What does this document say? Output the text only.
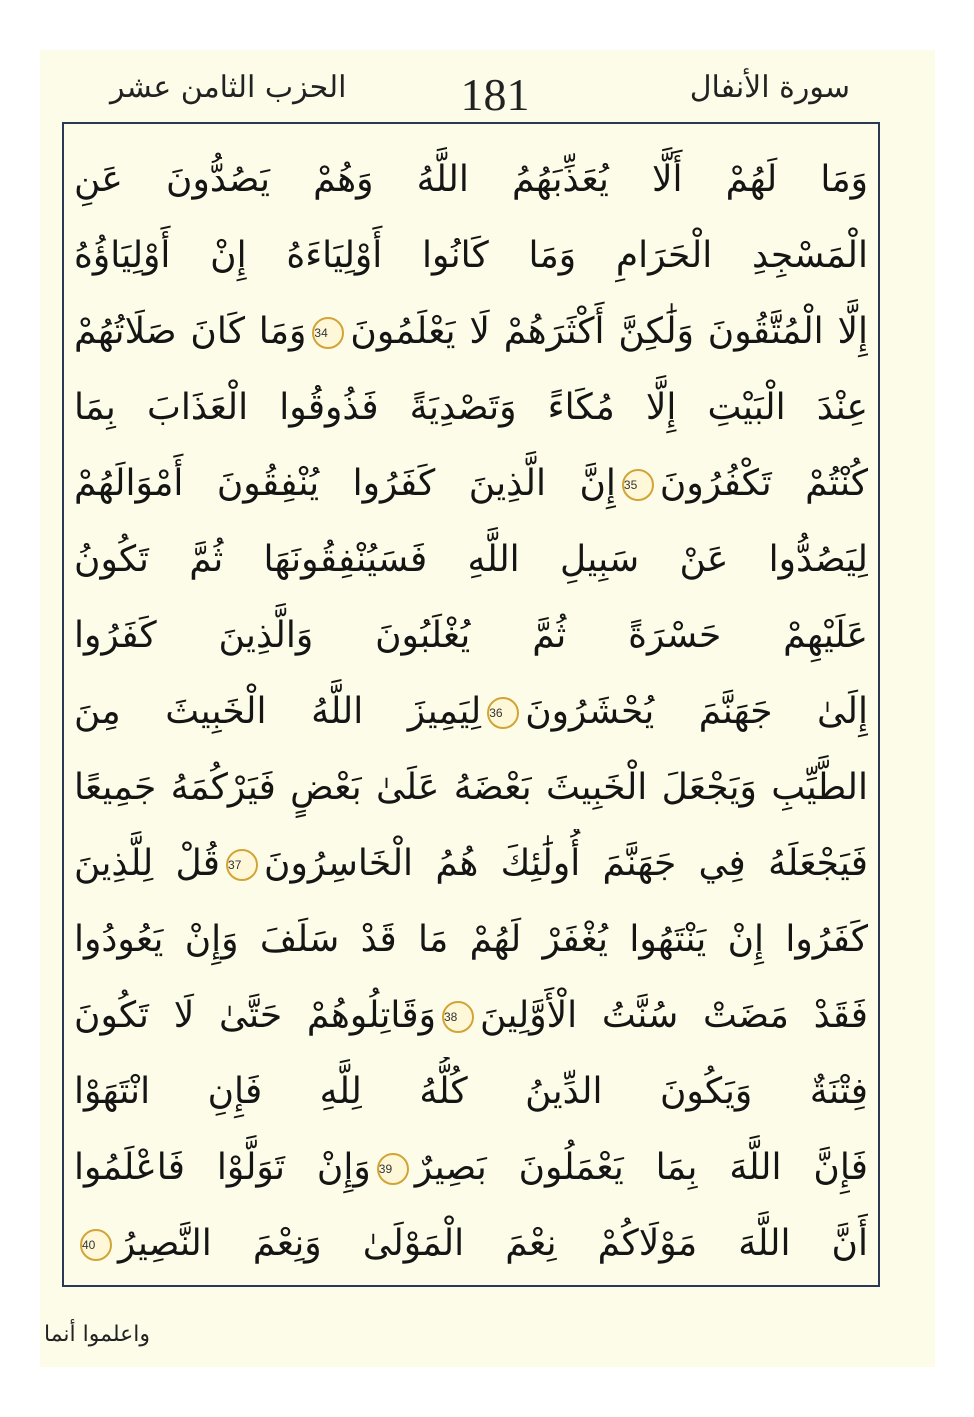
الحزب الثامن عشر	181	سورة الأنفال
وَمَا لَهُمْ أَلَّا يُعَذِّبَهُمُ اللَّهُ وَهُمْ يَصُدُّونَ عَنِ
الْمَسْجِدِ الْحَرَامِ وَمَا كَانُوا أَوْلِيَاءَهُ إِنْ أَوْلِيَاؤُهُ
إِلَّا الْمُتَّقُونَ وَلَٰكِنَّ أَكْثَرَهُمْ لَا يَعْلَمُونَ34وَمَا كَانَ صَلَاتُهُمْ
عِنْدَ الْبَيْتِ إِلَّا مُكَاءً وَتَصْدِيَةً فَذُوقُوا الْعَذَابَ بِمَا
كُنْتُمْ تَكْفُرُونَ35إِنَّ الَّذِينَ كَفَرُوا يُنْفِقُونَ أَمْوَالَهُمْ
لِيَصُدُّوا عَنْ سَبِيلِ اللَّهِ فَسَيُنْفِقُونَهَا ثُمَّ تَكُونُ
عَلَيْهِمْ حَسْرَةً ثُمَّ يُغْلَبُونَ وَالَّذِينَ كَفَرُوا
إِلَىٰ جَهَنَّمَ يُحْشَرُونَ36لِيَمِيزَ اللَّهُ الْخَبِيثَ مِنَ
الطَّيِّبِ وَيَجْعَلَ الْخَبِيثَ بَعْضَهُ عَلَىٰ بَعْضٍ فَيَرْكُمَهُ جَمِيعًا
فَيَجْعَلَهُ فِي جَهَنَّمَ أُولَٰئِكَ هُمُ الْخَاسِرُونَ37قُلْ لِلَّذِينَ
كَفَرُوا إِنْ يَنْتَهُوا يُغْفَرْ لَهُمْ مَا قَدْ سَلَفَ وَإِنْ يَعُودُوا
فَقَدْ مَضَتْ سُنَّتُ الْأَوَّلِينَ38وَقَاتِلُوهُمْ حَتَّىٰ لَا تَكُونَ
فِتْنَةٌ وَيَكُونَ الدِّينُ كُلُّهُ لِلَّهِ فَإِنِ انْتَهَوْا
فَإِنَّ اللَّهَ بِمَا يَعْمَلُونَ بَصِيرٌ39وَإِنْ تَوَلَّوْا فَاعْلَمُوا
أَنَّ اللَّهَ مَوْلَاكُمْ نِعْمَ الْمَوْلَىٰ وَنِعْمَ النَّصِيرُ40
واعلموا أنما
